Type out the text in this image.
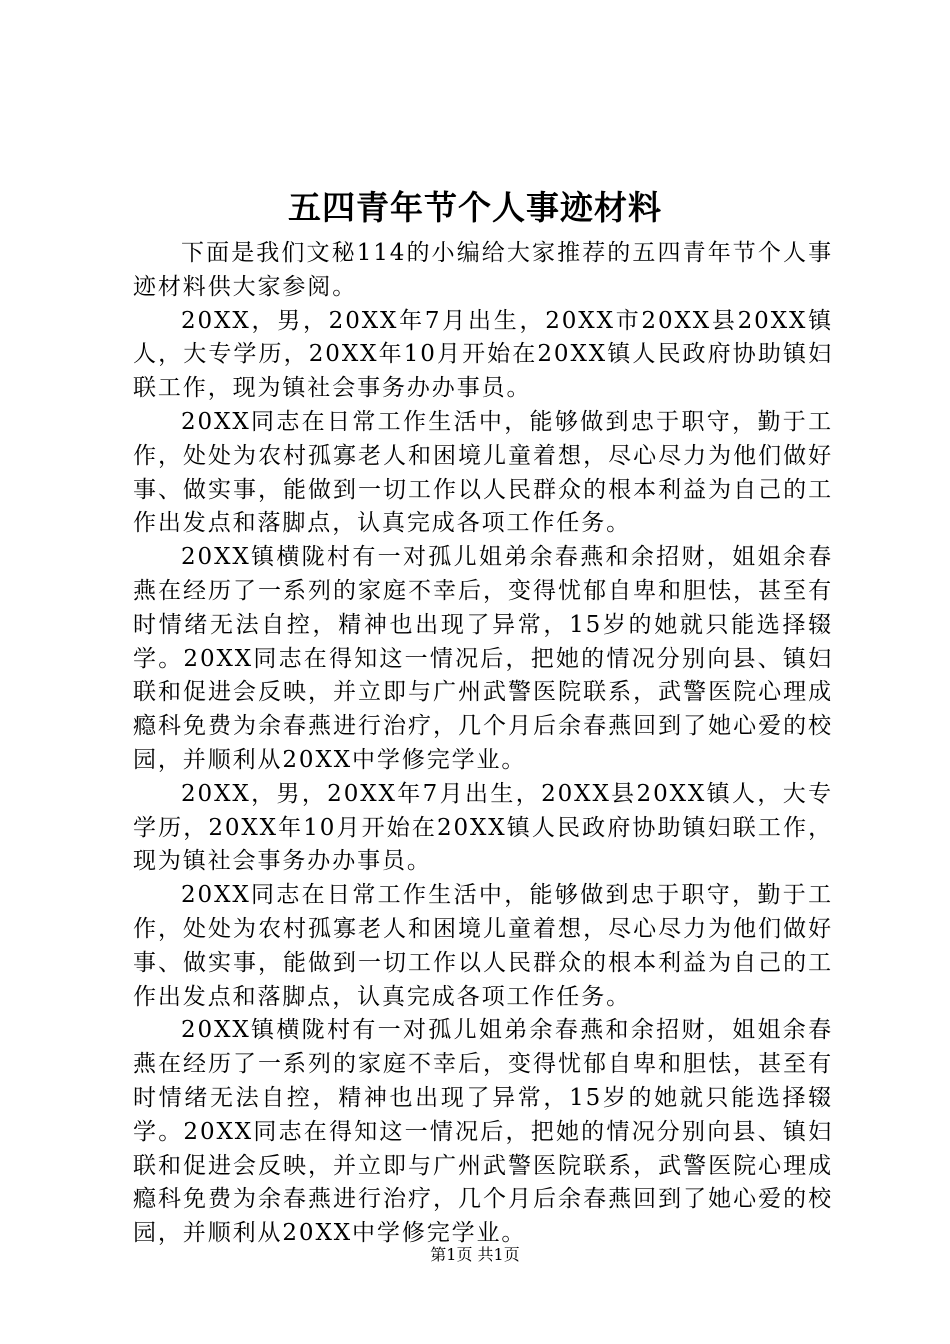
五四青年节个人事迹材料

下面是我们文秘114的小编给大家推荐的五四青年节个人事迹材料供大家参阅。

20XX，男，20XX年7月出生，20XX市20XX县20XX镇人，大专学历，20XX年10月开始在20XX镇人民政府协助镇妇联工作，现为镇社会事务办办事员。

20XX同志在日常工作生活中，能够做到忠于职守，勤于工作，处处为农村孤寡老人和困境儿童着想，尽心尽力为他们做好事、做实事，能做到一切工作以人民群众的根本利益为自己的工作出发点和落脚点，认真完成各项工作任务。

20XX镇横陇村有一对孤儿姐弟余春燕和余招财，姐姐余春燕在经历了一系列的家庭不幸后，变得忧郁自卑和胆怯，甚至有时情绪无法自控，精神也出现了异常，15岁的她就只能选择辍学。20XX同志在得知这一情况后，把她的情况分别向县、镇妇联和促进会反映，并立即与广州武警医院联系，武警医院心理成瘾科免费为余春燕进行治疗，几个月后余春燕回到了她心爱的校园，并顺利从20XX中学修完学业。

20XX，男，20XX年7月出生，20XX县20XX镇人，大专学历，20XX年10月开始在20XX镇人民政府协助镇妇联工作，现为镇社会事务办办事员。

20XX同志在日常工作生活中，能够做到忠于职守，勤于工作，处处为农村孤寡老人和困境儿童着想，尽心尽力为他们做好事、做实事，能做到一切工作以人民群众的根本利益为自己的工作出发点和落脚点，认真完成各项工作任务。

20XX镇横陇村有一对孤儿姐弟余春燕和余招财，姐姐余春燕在经历了一系列的家庭不幸后，变得忧郁自卑和胆怯，甚至有时情绪无法自控，精神也出现了异常，15岁的她就只能选择辍学。20XX同志在得知这一情况后，把她的情况分别向县、镇妇联和促进会反映，并立即与广州武警医院联系，武警医院心理成瘾科免费为余春燕进行治疗，几个月后余春燕回到了她心爱的校园，并顺利从20XX中学修完学业。

第1页 共1页
